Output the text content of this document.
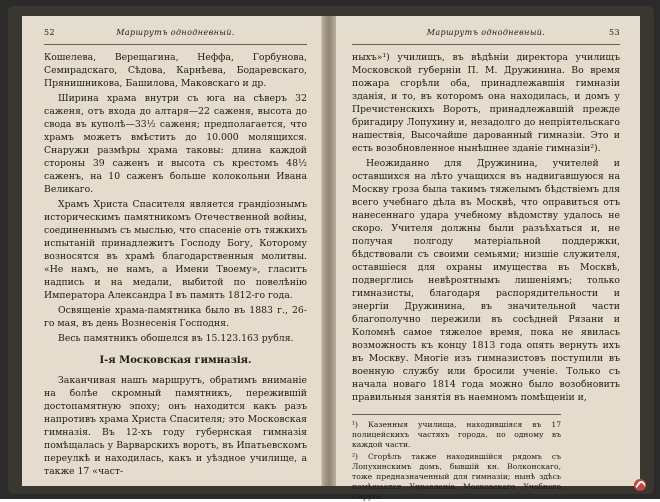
52	Маршрутъ однодневный.

Кошелева, Верещагина, Неффа, Горбунова, Семирадскаго, Сѣдова, Карнѣева, Бодаревскаго, Прянишникова, Башилова, Маковскаго и др.

Ширина храма внутри съ юга на сѣверъ 32 саженя, отъ входа до алтаря—22 саженя, высота до свода въ куполѣ—33½ саженя; предполагается, что храмъ можетъ вмѣстить до 10.000 молящихся. Снаружи размѣры храма таковы: длина каждой стороны 39 саженъ и высота съ крестомъ 48½ саженъ, на 10 саженъ больше колокольни Ивана Великаго.

Храмъ Христа Спасителя является грандіознымъ историческимъ памятникомъ Отечественной войны, соединеннымъ съ мыслью, что спасеніе отъ тяжкихъ испытаній принадлежитъ Господу Богу, Которому возносятся въ храмѣ благодарственныя молитвы. «Не намъ, не намъ, а Имени Твоему», гласитъ надпись и на медали, выбитой по повелѣнію Императора Александра I въ память 1812-го года.

Освященіе храма-памятника было въ 1883 г., 26-го мая, въ день Вознесенія Господня.

Весь памятникъ обошелся въ 15.123.163 рубля.

I-я Московская гимназія.

Заканчивая нашъ маршрутъ, обратимъ вниманіе на болѣе скромный памятникъ, пережившій достопамятную эпоху; онъ находится какъ разъ напротивъ храма Христа Спасителя; это Московская гимназія. Въ 12-хъ году губернская гимназія помѣщалась у Варварскихъ воротъ, въ Ипатьевскомъ переулкѣ и находилась, какъ и уѣздное училище, а также 17 «част-

Маршрутъ однодневный.	53

ныхъ»¹) училищъ, въ вѣдѣніи директора училищъ Московской губерніи П. М. Дружинина. Во время пожара сгорѣли оба, принадлежавшія гимназіи зданія, и то, въ которомъ она находилась, и домъ у Пречистенскихъ Воротъ, принадлежавшій прежде бригадиру Лопухину и, незадолго до непріятельскаго нашествія, Высочайше дарованный гимназіи. Это и есть возобновленное нынѣшнее зданіе гимназіи²).

Неожиданно для Дружинина, учителей и оставшихся на лѣто учащихся въ надвигавшуюся на Москву гроза была такимъ тяжелымъ бѣдствіемъ для всего учебнаго дѣла въ Москвѣ, что оправиться отъ нанесеннаго удара учебному вѣдомству удалось не скоро. Учителя должны были разъѣхаться и, не получая полгоду матеріальной поддержки, бѣдствовали съ своими семьями; низшіе служителя, оставшіеся для охраны имущества въ Москвѣ, подверглись невѣроятнымъ лишеніямъ; только гимназисты, благодаря распорядительности и энергіи Дружинина, въ значительной части благополучно пережили въ сосѣдней Рязани и Коломнѣ самое тяжелое время, пока не явилась возможность къ концу 1813 года опять вернуть ихъ въ Москву. Многіе изъ гимназистовъ поступили въ военную службу или бросили ученіе. Только съ начала новаго 1814 года можно было возобновить правильныя занятія въ наемномъ помѣщеніи и,

¹) Казенныя училища, находившіяся въ 17 полицейскихъ частяхъ города, по одному въ каждой части.
²) Сгорѣлъ также находившійся рядомъ съ Лопухинскимъ домъ, бывшій кн. Волконскаго, тоже предназначенный для гимназіи; нынѣ здѣсь помѣщается Управленіе Московскаго Учебнаго Округа.
